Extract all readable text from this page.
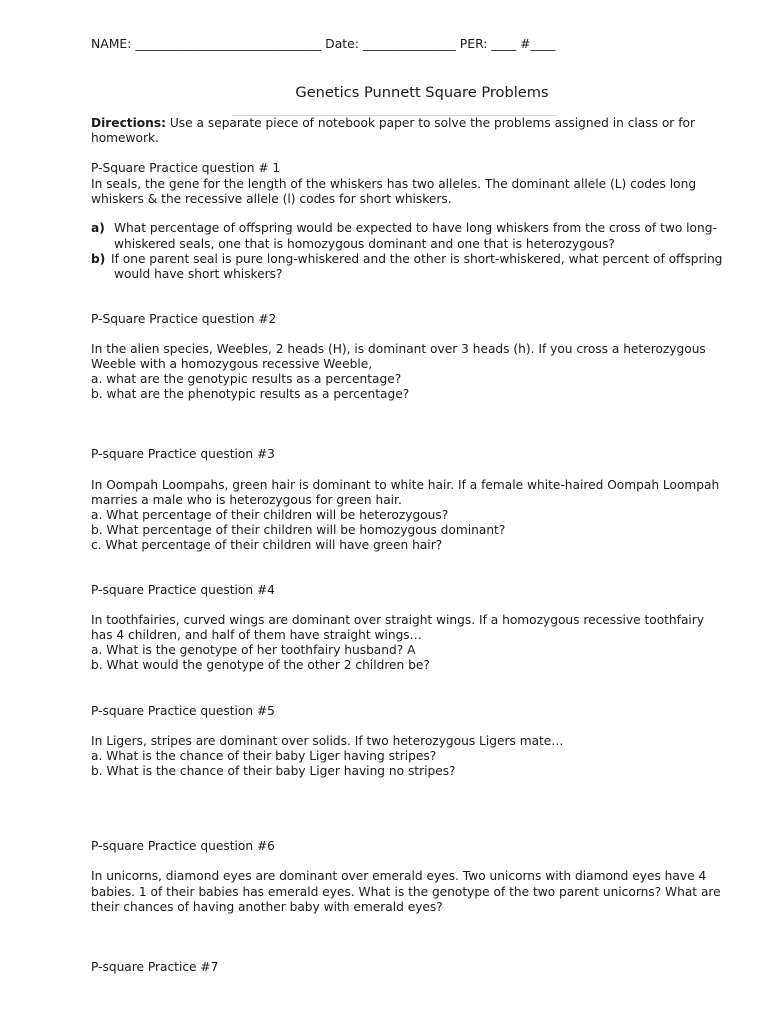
NAME: ______________________________ Date: _______________ PER: ____ #____
Genetics Punnett Square Problems
Directions: Use a separate piece of notebook paper to solve the problems assigned in class or for
homework.
P-Square Practice question # 1
In seals, the gene for the length of the whiskers has two alleles. The dominant allele (L) codes long
whiskers & the recessive allele (l) codes for short whiskers.
a) What percentage of offspring would be expected to have long whiskers from the cross of two long-
whiskered seals, one that is homozygous dominant and one that is heterozygous?
b) If one parent seal is pure long-whiskered and the other is short-whiskered, what percent of offspring
would have short whiskers?
P-Square Practice question #2
In the alien species, Weebles, 2 heads (H), is dominant over 3 heads (h). If you cross a heterozygous
Weeble with a homozygous recessive Weeble,
a. what are the genotypic results as a percentage?
b. what are the phenotypic results as a percentage?
P-square Practice question #3
In Oompah Loompahs, green hair is dominant to white hair. If a female white-haired Oompah Loompah
marries a male who is heterozygous for green hair.
a. What percentage of their children will be heterozygous?
b. What percentage of their children will be homozygous dominant?
c. What percentage of their children will have green hair?
P-square Practice question #4
In toothfairies, curved wings are dominant over straight wings. If a homozygous recessive toothfairy
has 4 children, and half of them have straight wings…
a. What is the genotype of her toothfairy husband? A
b. What would the genotype of the other 2 children be?
P-square Practice question #5
In Ligers, stripes are dominant over solids. If two heterozygous Ligers mate…
a. What is the chance of their baby Liger having stripes?
b. What is the chance of their baby Liger having no stripes?
P-square Practice question #6
In unicorns, diamond eyes are dominant over emerald eyes. Two unicorns with diamond eyes have 4
babies. 1 of their babies has emerald eyes. What is the genotype of the two parent unicorns? What are
their chances of having another baby with emerald eyes?
P-square Practice #7
